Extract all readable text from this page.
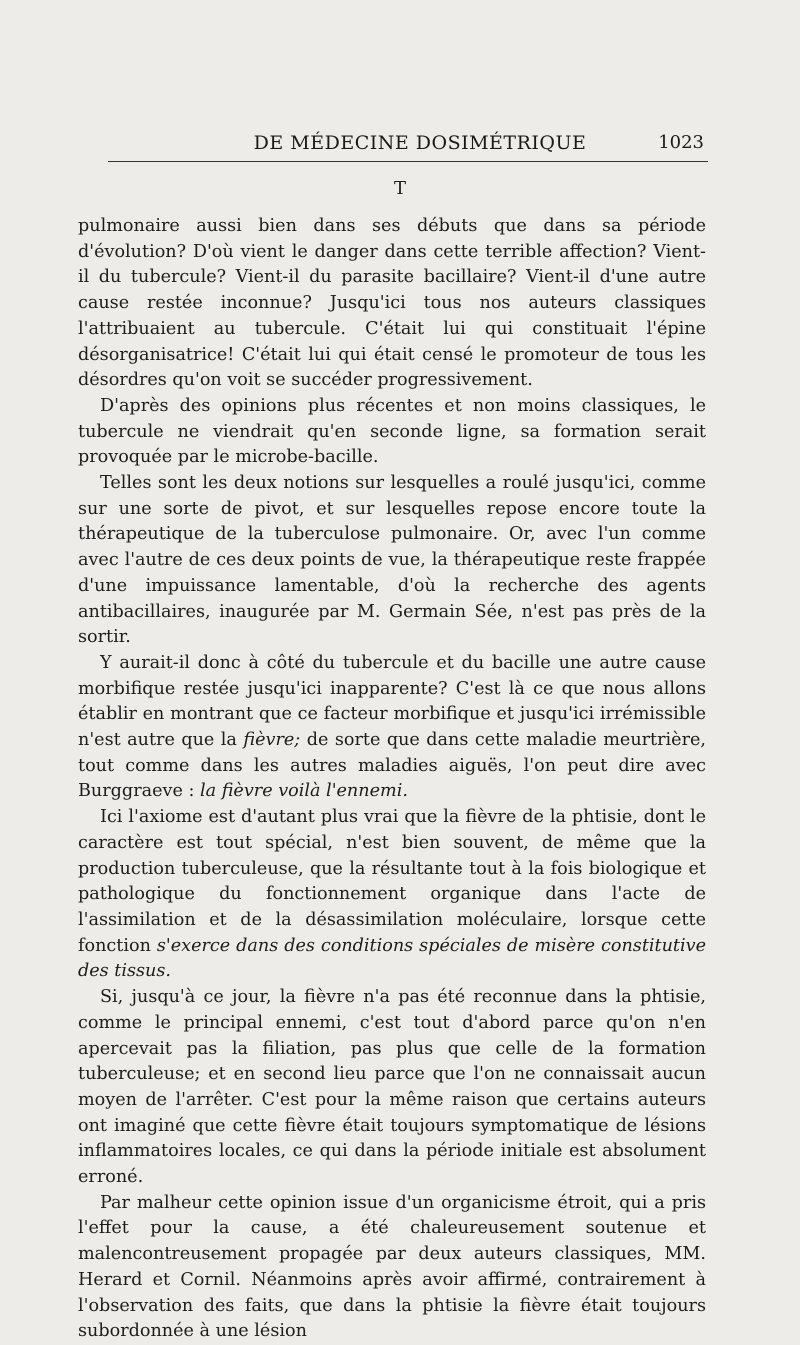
DE MÉDECINE DOSIMÉTRIQUE	1023
T

pulmonaire aussi bien dans ses débuts que dans sa période d'évolution? D'où vient le danger dans cette terrible affection? Vient-il du tubercule? Vient-il du parasite bacillaire? Vient-il d'une autre cause restée inconnue? Jusqu'ici tous nos auteurs classiques l'attribuaient au tubercule. C'était lui qui constituait l'épine désorganisatrice! C'était lui qui était censé le promoteur de tous les désordres qu'on voit se succéder progressivement.

D'après des opinions plus récentes et non moins classiques, le tubercule ne viendrait qu'en seconde ligne, sa formation serait provoquée par le microbe-bacille.

Telles sont les deux notions sur lesquelles a roulé jusqu'ici, comme sur une sorte de pivot, et sur lesquelles repose encore toute la thérapeutique de la tuberculose pulmonaire. Or, avec l'un comme avec l'autre de ces deux points de vue, la thérapeutique reste frappée d'une impuissance lamentable, d'où la recherche des agents antibacillaires, inaugurée par M. Germain Sée, n'est pas près de la sortir.

Y aurait-il donc à côté du tubercule et du bacille une autre cause morbifique restée jusqu'ici inapparente? C'est là ce que nous allons établir en montrant que ce facteur morbifique et jusqu'ici irrémissible n'est autre que la fièvre; de sorte que dans cette maladie meurtrière, tout comme dans les autres maladies aiguës, l'on peut dire avec Burggraeve : la fièvre voilà l'ennemi.

Ici l'axiome est d'autant plus vrai que la fièvre de la phtisie, dont le caractère est tout spécial, n'est bien souvent, de même que la production tuberculeuse, que la résultante tout à la fois biologique et pathologique du fonctionnement organique dans l'acte de l'assimilation et de la désassimilation moléculaire, lorsque cette fonction s'exerce dans des conditions spéciales de misère constitutive des tissus.

Si, jusqu'à ce jour, la fièvre n'a pas été reconnue dans la phtisie, comme le principal ennemi, c'est tout d'abord parce qu'on n'en apercevait pas la filiation, pas plus que celle de la formation tuberculeuse; et en second lieu parce que l'on ne connaissait aucun moyen de l'arrêter. C'est pour la même raison que certains auteurs ont imaginé que cette fièvre était toujours symptomatique de lésions inflammatoires locales, ce qui dans la période initiale est absolument erroné.

Par malheur cette opinion issue d'un organicisme étroit, qui a pris l'effet pour la cause, a été chaleureusement soutenue et malencontreusement propagée par deux auteurs classiques, MM. Herard et Cornil. Néanmoins après avoir affirmé, contrairement à l'observation des faits, que dans la phtisie la fièvre était toujours subordonnée à une lésion
